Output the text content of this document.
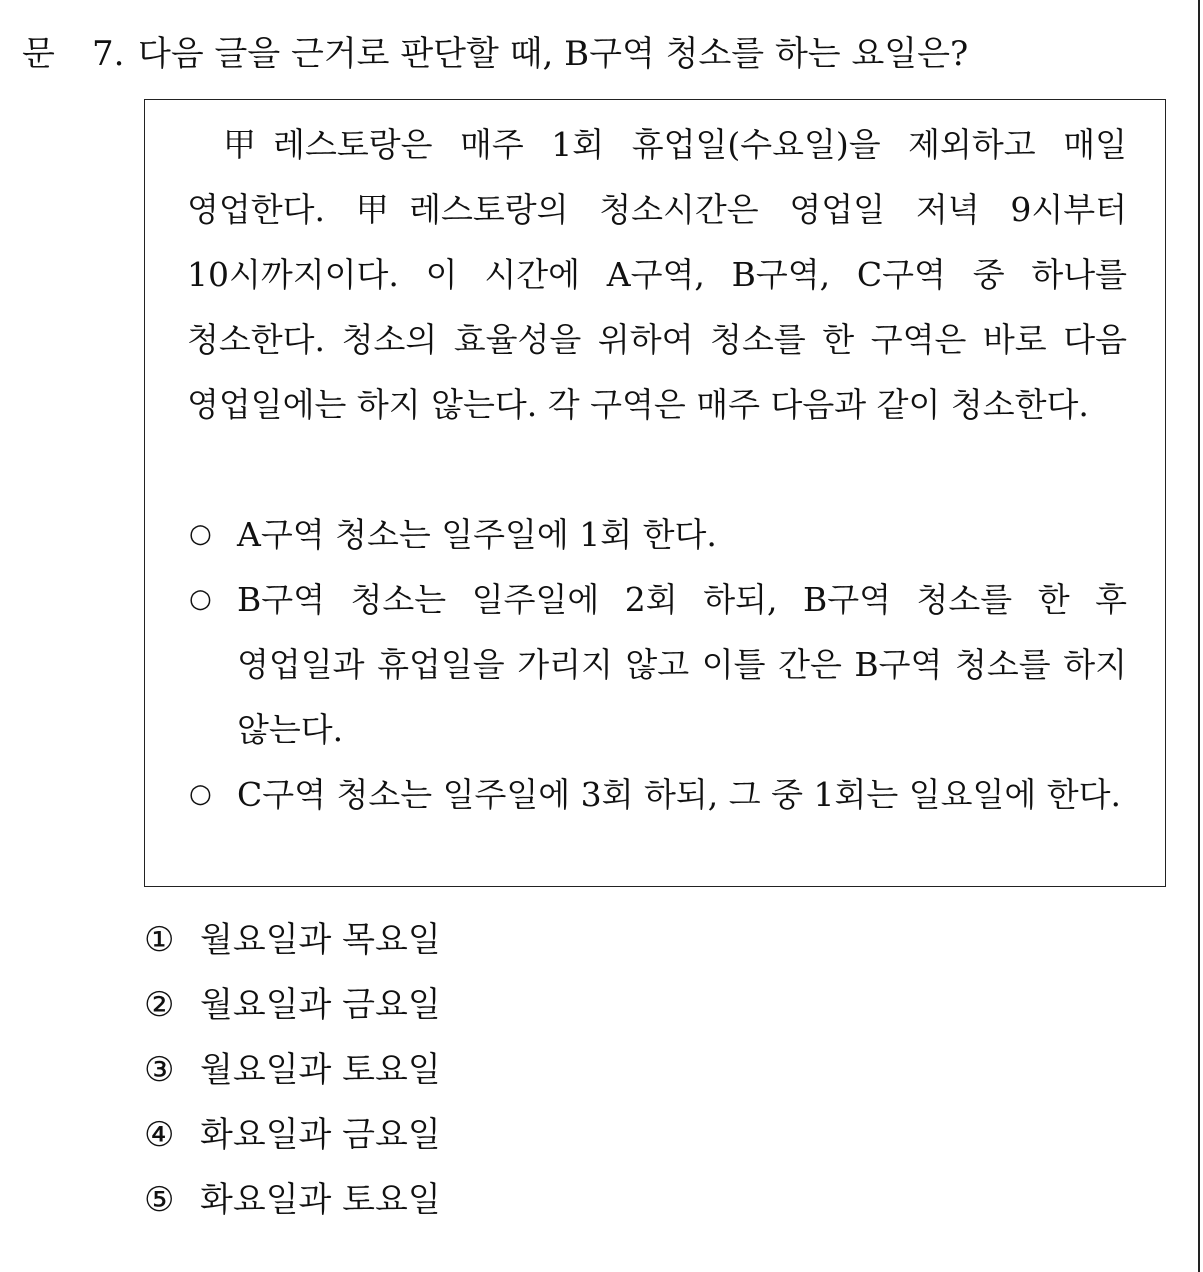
문 7. 다음 글을 근거로 판단할 때, B구역 청소를 하는 요일은?

甲레스토랑은 매주 1회 휴업일(수요일)을 제외하고 매일 영업한다. 甲레스토랑의 청소시간은 영업일 저녁 9시부터 10시까지이다. 이 시간에 A구역, B구역, C구역 중 하나를 청소한다. 청소의 효율성을 위하여 청소를 한 구역은 바로 다음 영업일에는 하지 않는다. 각 구역은 매주 다음과 같이 청소한다.

○ A구역 청소는 일주일에 1회 한다.
○ B구역 청소는 일주일에 2회 하되, B구역 청소를 한 후 영업일과 휴업일을 가리지 않고 이틀 간은 B구역 청소를 하지 않는다.
○ C구역 청소는 일주일에 3회 하되, 그 중 1회는 일요일에 한다.
① 월요일과 목요일
② 월요일과 금요일
③ 월요일과 토요일
④ 화요일과 금요일
⑤ 화요일과 토요일
